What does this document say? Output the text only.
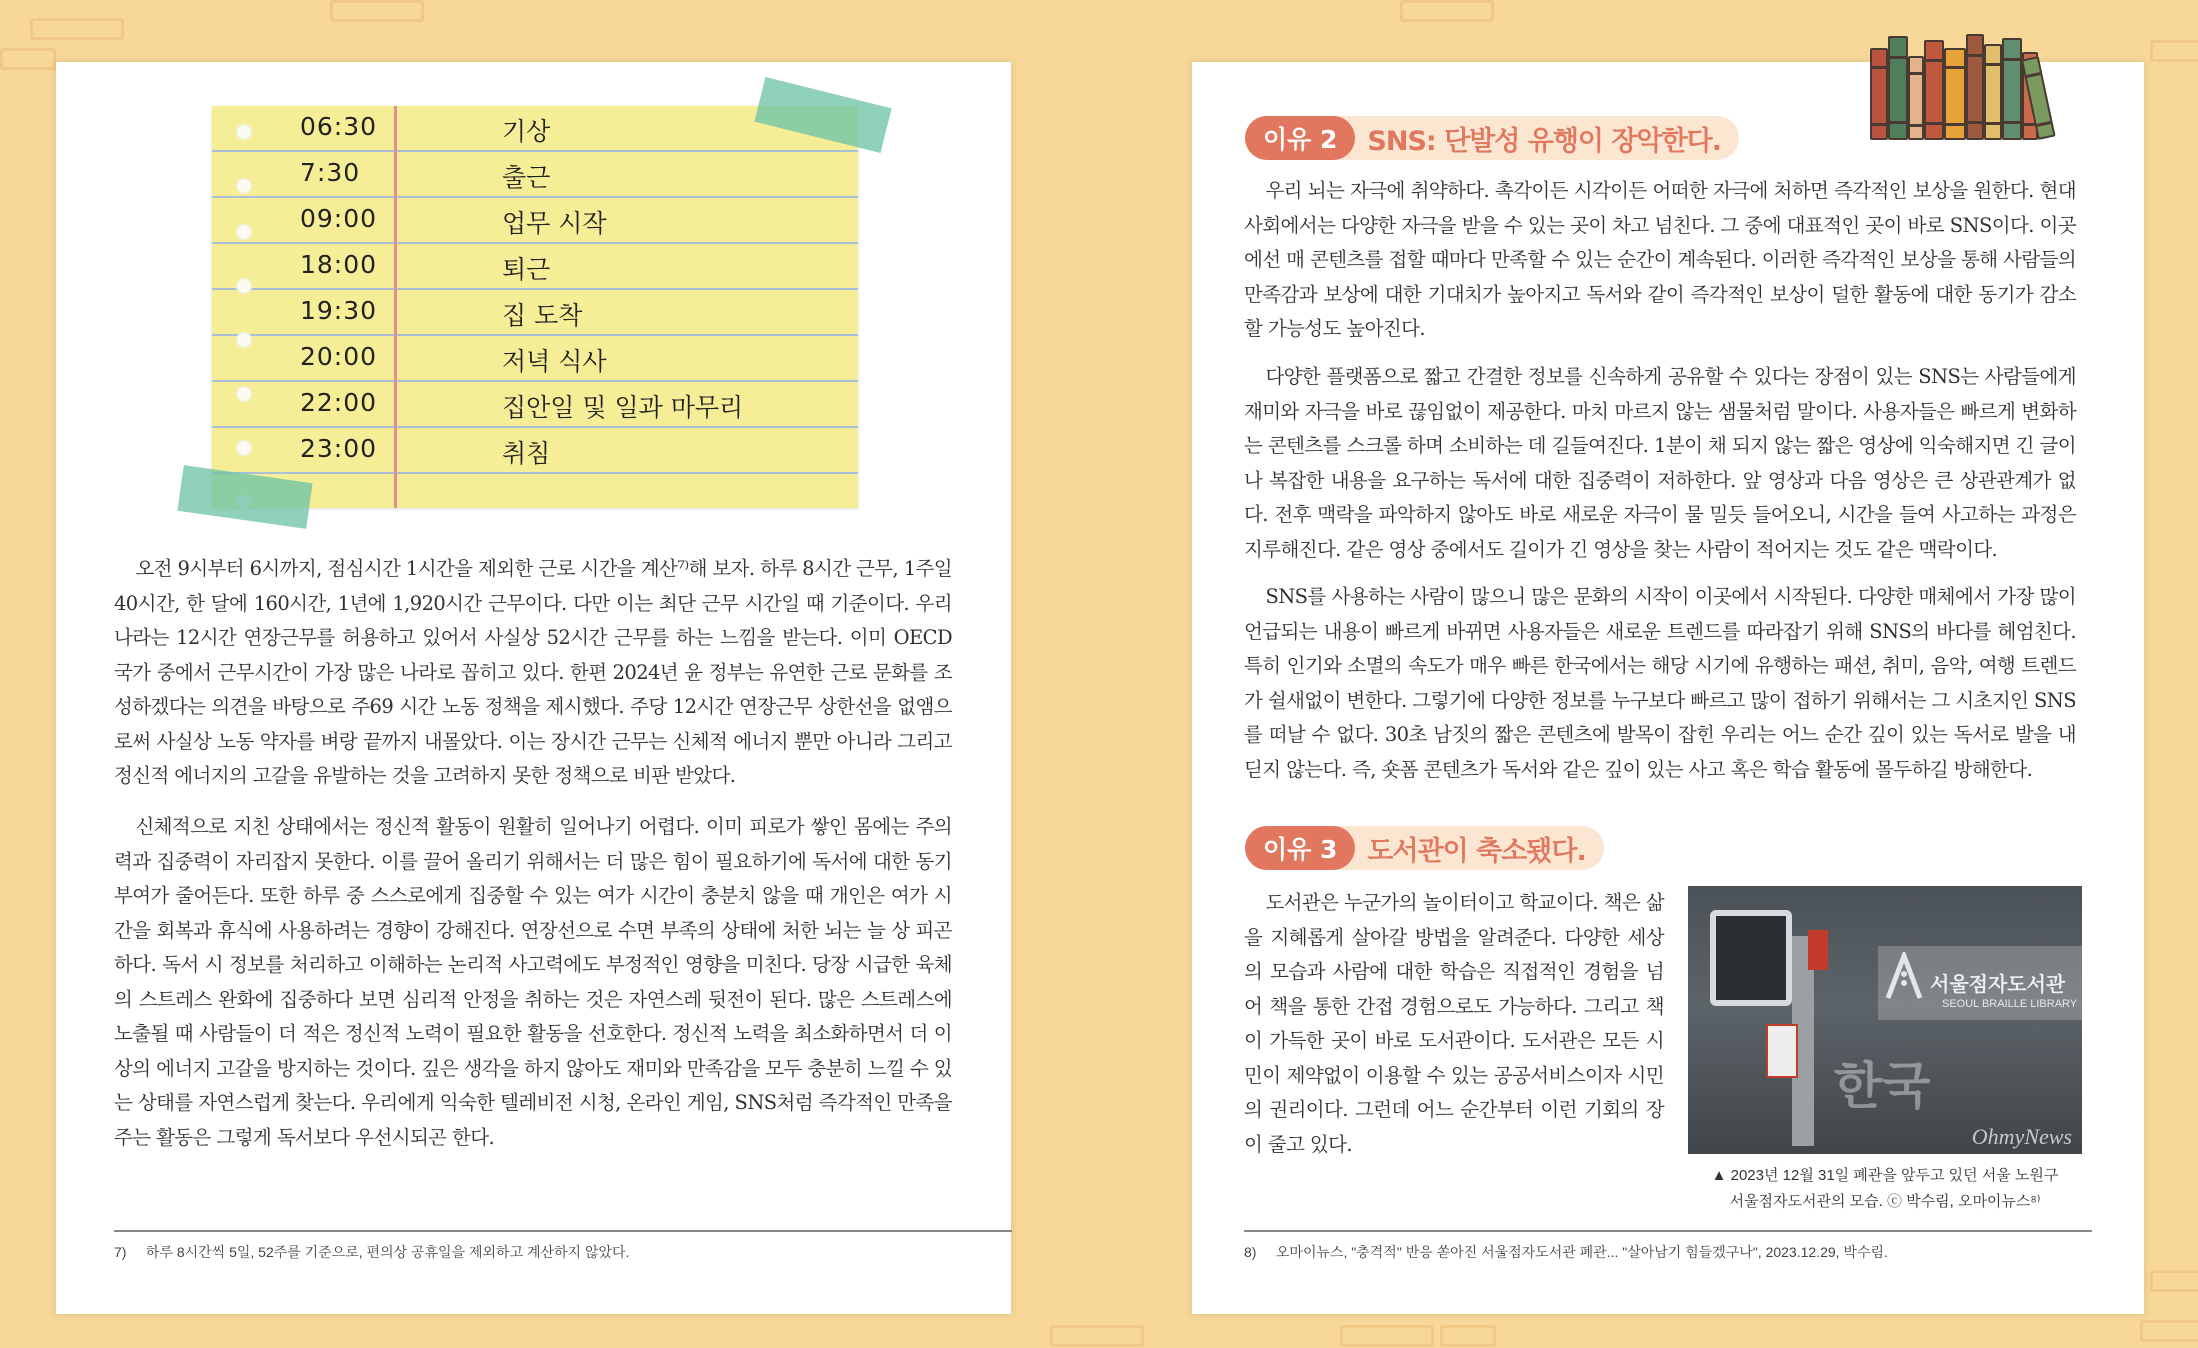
06:30	기상
7:30	출근
09:00	업무 시작
18:00	퇴근
19:30	집 도착
20:00	저녁 식사
22:00	집안일 및 일과 마무리
23:00	취침

오전 9시부터 6시까지, 점심시간 1시간을 제외한 근로 시간을 계산⁷⁾해 보자. 하루 8시간 근무, 1주일 40시간, 한 달에 160시간, 1년에 1,920시간 근무이다. 다만 이는 최단 근무 시간일 때 기준이다. 우리나라는 12시간 연장근무를 허용하고 있어서 사실상 52시간 근무를 하는 느낌을 받는다. 이미 OECD 국가 중에서 근무시간이 가장 많은 나라로 꼽히고 있다. 한편 2024년 윤 정부는 유연한 근로 문화를 조성하겠다는 의견을 바탕으로 주69 시간 노동 정책을 제시했다. 주당 12시간 연장근무 상한선을 없앰으로써 사실상 노동 약자를 벼랑 끝까지 내몰았다. 이는 장시간 근무는 신체적 에너지 뿐만 아니라 그리고 정신적 에너지의 고갈을 유발하는 것을 고려하지 못한 정책으로 비판 받았다.

신체적으로 지친 상태에서는 정신적 활동이 원활히 일어나기 어렵다. 이미 피로가 쌓인 몸에는 주의력과 집중력이 자리잡지 못한다. 이를 끌어 올리기 위해서는 더 많은 힘이 필요하기에 독서에 대한 동기부여가 줄어든다. 또한 하루 중 스스로에게 집중할 수 있는 여가 시간이 충분치 않을 때 개인은 여가 시간을 회복과 휴식에 사용하려는 경향이 강해진다. 연장선으로 수면 부족의 상태에 처한 뇌는 늘 상 피곤하다. 독서 시 정보를 처리하고 이해하는 논리적 사고력에도 부정적인 영향을 미친다. 당장 시급한 육체의 스트레스 완화에 집중하다 보면 심리적 안정을 취하는 것은 자연스레 뒷전이 된다. 많은 스트레스에 노출될 때 사람들이 더 적은 정신적 노력이 필요한 활동을 선호한다. 정신적 노력을 최소화하면서 더 이상의 에너지 고갈을 방지하는 것이다. 깊은 생각을 하지 않아도 재미와 만족감을 모두 충분히 느낄 수 있는 상태를 자연스럽게 찾는다. 우리에게 익숙한 텔레비전 시청, 온라인 게임, SNS처럼 즉각적인 만족을 주는 활동은 그렇게 독서보다 우선시되곤 한다.

7) 하루 8시간씩 5일, 52주를 기준으로, 편의상 공휴일을 제외하고 계산하지 않았다.
이유 2	SNS: 단발성 유행이 장악한다.

우리 뇌는 자극에 취약하다. 촉각이든 시각이든 어떠한 자극에 처하면 즉각적인 보상을 원한다. 현대 사회에서는 다양한 자극을 받을 수 있는 곳이 차고 넘친다. 그 중에 대표적인 곳이 바로 SNS이다. 이곳에선 매 콘텐츠를 접할 때마다 만족할 수 있는 순간이 계속된다. 이러한 즉각적인 보상을 통해 사람들의 만족감과 보상에 대한 기대치가 높아지고 독서와 같이 즉각적인 보상이 덜한 활동에 대한 동기가 감소할 가능성도 높아진다.

다양한 플랫폼으로 짧고 간결한 정보를 신속하게 공유할 수 있다는 장점이 있는 SNS는 사람들에게 재미와 자극을 바로 끊임없이 제공한다. 마치 마르지 않는 샘물처럼 말이다. 사용자들은 빠르게 변화하는 콘텐츠를 스크롤 하며 소비하는 데 길들여진다. 1분이 채 되지 않는 짧은 영상에 익숙해지면 긴 글이나 복잡한 내용을 요구하는 독서에 대한 집중력이 저하한다. 앞 영상과 다음 영상은 큰 상관관계가 없다. 전후 맥락을 파악하지 않아도 바로 새로운 자극이 물 밀듯 들어오니, 시간을 들여 사고하는 과정은 지루해진다. 같은 영상 중에서도 길이가 긴 영상을 찾는 사람이 적어지는 것도 같은 맥락이다.

SNS를 사용하는 사람이 많으니 많은 문화의 시작이 이곳에서 시작된다. 다양한 매체에서 가장 많이 언급되는 내용이 빠르게 바뀌면 사용자들은 새로운 트렌드를 따라잡기 위해 SNS의 바다를 헤엄친다. 특히 인기와 소멸의 속도가 매우 빠른 한국에서는 해당 시기에 유행하는 패션, 취미, 음악, 여행 트렌드가 쉴새없이 변한다. 그렇기에 다양한 정보를 누구보다 빠르고 많이 접하기 위해서는 그 시초지인 SNS를 떠날 수 없다. 30초 남짓의 짧은 콘텐츠에 발목이 잡힌 우리는 어느 순간 깊이 있는 독서로 발을 내딛지 않는다. 즉, 숏폼 콘텐츠가 독서와 같은 깊이 있는 사고 혹은 학습 활동에 몰두하길 방해한다.

이유 3	도서관이 축소됐다.

도서관은 누군가의 놀이터이고 학교이다. 책은 삶을 지혜롭게 살아갈 방법을 알려준다. 다양한 세상의 모습과 사람에 대한 학습은 직접적인 경험을 넘어 책을 통한 간접 경험으로도 가능하다. 그리고 책이 가득한 곳이 바로 도서관이다. 도서관은 모든 시민이 제약없이 이용할 수 있는 공공서비스이자 시민의 권리이다. 그런데 어느 순간부터 이런 기회의 장이 줄고 있다.

서울점자도서관
SEOUL BRAILLE LIBRARY
한국
OhmyNews
▲ 2023년 12월 31일 폐관을 앞두고 있던 서울 노원구
서울점자도서관의 모습. ⓒ 박수림, 오마이뉴스⁸⁾
8) 오마이뉴스, "충격적" 반응 쏟아진 서울점자도서관 폐관... "살아남기 힘들겠구나", 2023.12.29, 박수림.
